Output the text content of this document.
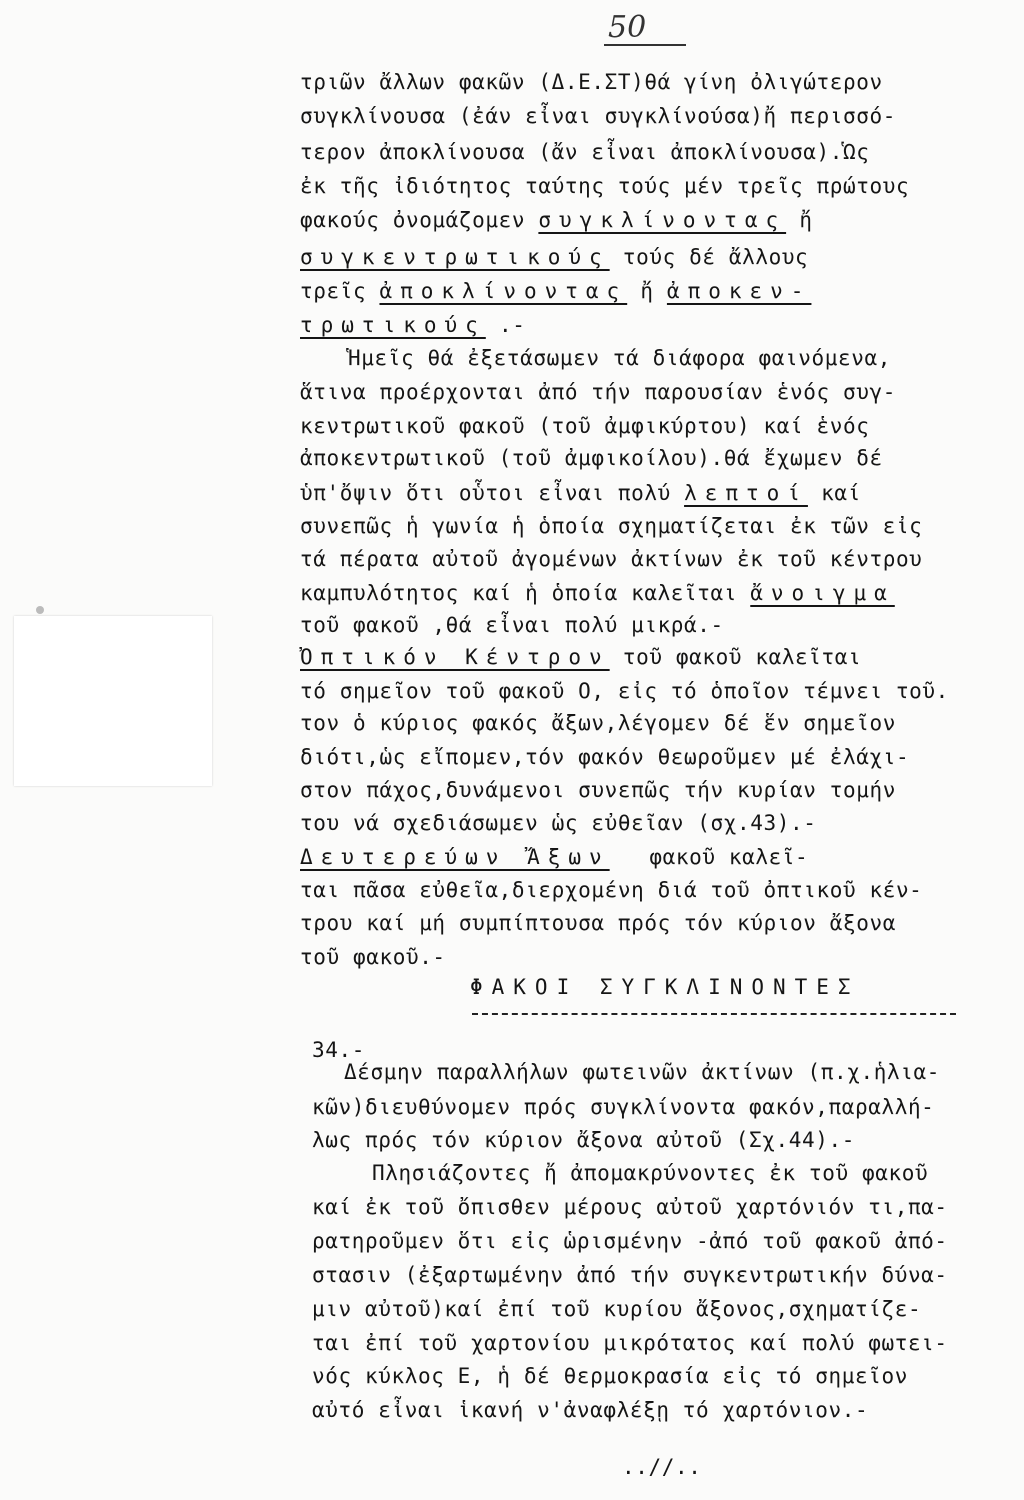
50
τριῶν ἄλλων φακῶν (Δ.Ε.ΣΤ)θά γίνη ὀλιγώτερον
συγκλίνουσα (ἐάν εἶναι συγκλίνούσα)ἤ περισσό-
τερον ἀποκλίνουσα (ἄν εἶναι ἀποκλίνουσα).Ὡς
ἐκ τῆς ἰδιότητος ταύτης τούς μέν τρεῖς πρώτους
φακούς ὀνομάζομεν συγκλίνοντας ἤ
συγκεντρωτικούς τούς δέ ἄλλους
τρεῖς ἀποκλίνοντας ἤ ἀποκεν-
τρωτικούς .-
Ἡμεῖς θά ἐξετάσωμεν τά διάφορα φαινόμενα,
ἅτινα προέρχονται ἀπό τήν παρουσίαν ἑνός συγ-
κεντρωτικοῦ φακοῦ (τοῦ ἀμφικύρτου) καί ἑνός
ἀποκεντρωτικοῦ (τοῦ ἀμφικοίλου).θά ἔχωμεν δέ
ὑπ'ὄψιν ὅτι οὗτοι εἶναι πολύ λεπτοί καί
συνεπῶς ἡ γωνία ἡ ὁποία σχηματίζεται ἐκ τῶν εἰς
τά πέρατα αὐτοῦ ἀγομένων ἀκτίνων ἐκ τοῦ κέντρου
καμπυλότητος καί ἡ ὁποία καλεῖται ἄνοιγμα
τοῦ φακοῦ ,θά εἶναι πολύ μικρά.-
Ὀπτικόν Κέντρον τοῦ φακοῦ καλεῖται
τό σημεῖον τοῦ φακοῦ Ο, εἰς τό ὁποῖον τέμνει τοῦ.
τον ὁ κύριος φακός ἄξων,λέγομεν δέ ἕν σημεῖον
διότι,ὡς εἴπομεν,τόν φακόν θεωροῦμεν μέ ἐλάχι-
στον πάχος,δυνάμενοι συνεπῶς τήν κυρίαν τομήν
του νά σχεδιάσωμεν ὡς εὐθεῖαν (σχ.43).-
Δευτερεύων Ἄξων   φακοῦ καλεῖ-
ται πᾶσα εὐθεῖα,διερχομένη διά τοῦ ὀπτικοῦ κέν-
τρου καί μή συμπίπτουσα πρός τόν κύριον ἄξονα
τοῦ φακοῦ.-
ΦΑΚΟΙ ΣΥΓΚΛΙΝΟΝΤΕΣ
34.-
Δέσμην παραλλήλων φωτεινῶν ἀκτίνων (π.χ.ἡλια-
κῶν)διευθύνομεν πρός συγκλίνοντα φακόν,παραλλή-
λως πρός τόν κύριον ἄξονα αὐτοῦ (Σχ.44).-
Πλησιάζοντες ἤ ἀπομακρύνοντες ἐκ τοῦ φακοῦ
καί ἐκ τοῦ ὄπισθεν μέρους αὐτοῦ χαρτόνιόν τι,πα-
ρατηροῦμεν ὅτι εἰς ὡρισμένην -ἀπό τοῦ φακοῦ ἀπό-
στασιν (ἐξαρτωμένην ἀπό τήν συγκεντρωτικήν δύνα-
μιν αὐτοῦ)καί ἐπί τοῦ κυρίου ἄξονος,σχηματίζε-
ται ἐπί τοῦ χαρτονίου μικρότατος καί πολύ φωτει-
νός κύκλος Ε, ἡ δέ θερμοκρασία εἰς τό σημεῖον
αὐτό εἶναι ἱκανή ν'ἀναφλέξῃ τό χαρτόνιον.-
..//..
